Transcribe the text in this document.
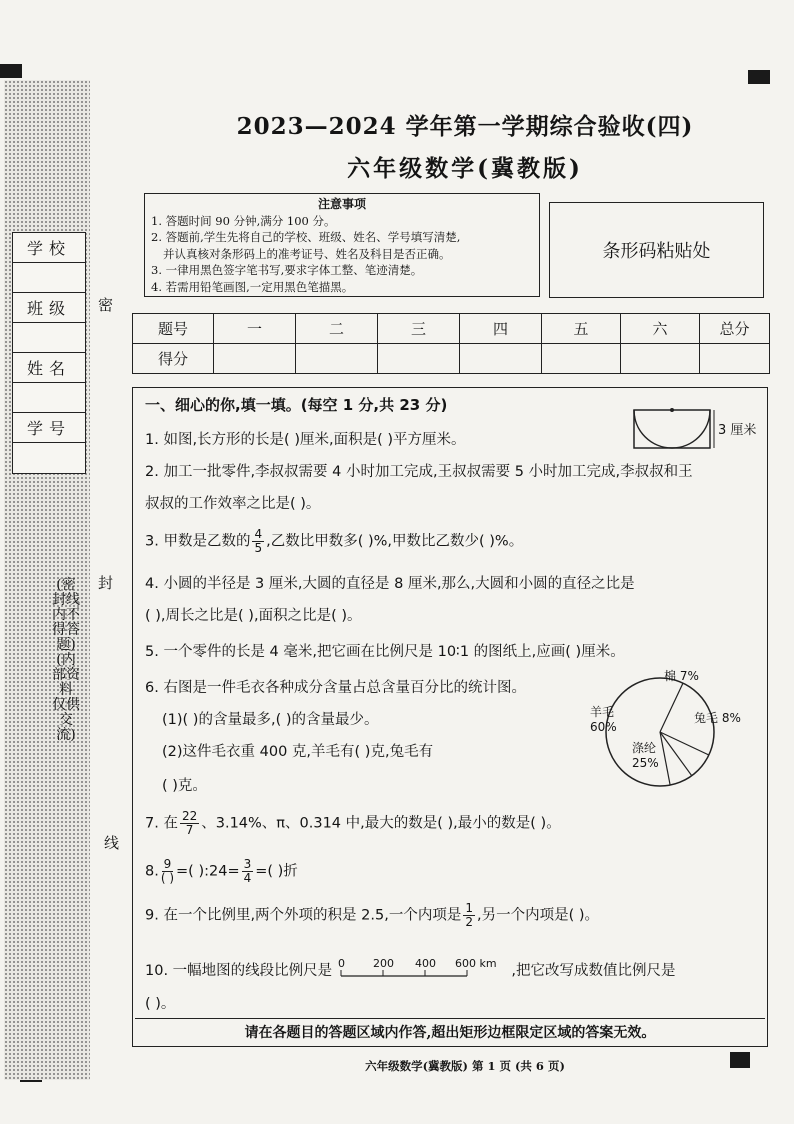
学校
班级
姓名
学号
(密封线内不得答题) (内部资料 仅供交流)
密
封
线
2023—2024 学年第一学期综合验收(四)
六年级数学(冀教版)
注意事项
1. 答题时间 90 分钟,满分 100 分。
2. 答题前,学生先将自己的学校、班级、姓名、学号填写清楚,
并认真核对条形码上的准考证号、姓名及科目是否正确。
3. 一律用黑色签字笔书写,要求字体工整、笔迹清楚。
4. 若需用铅笔画图,一定用黑色笔描黑。
条形码粘贴处
题号	一	二	三	四	五	六	总分
得分							
一、细心的你,填一填。(每空 1 分,共 23 分)
1. 如图,长方形的长是( )厘米,面积是( )平方厘米。
3 厘米
2. 加工一批零件,李叔叔需要 4 小时加工完成,王叔叔需要 5 小时加工完成,李叔叔和王
叔叔的工作效率之比是( )。
3. 甲数是乙数的 $\frac{4}{5}$ ,乙数比甲数多( )%,甲数比乙数少( )%。
4. 小圆的半径是 3 厘米,大圆的直径是 8 厘米,那么,大圆和小圆的直径之比是
( ),周长之比是( ),面积之比是( )。
5. 一个零件的长是 4 毫米,把它画在比例尺是 10∶1 的图纸上,应画( )厘米。
6. 右图是一件毛衣各种成分含量占总含量百分比的统计图。
(1)( )的含量最多,( )的含量最少。
(2)这件毛衣重 400 克,羊毛有( )克,兔毛有
( )克。
羊毛 60%
涤纶 25%
兔毛 8%
棉 7%
7. 在 $\frac{22}{7}$ 、3.14%、π、0.314 中,最大的数是( ),最小的数是( )。
8. $\frac{9}{( )}$ =( ):24= $\frac{3}{4}$ =( )折
9. 在一个比例里,两个外项的积是 2.5,一个内项是 $\frac{1}{2}$ ,另一个内项是( )。
10. 一幅地图的线段比例尺是 0	200 400 600 km ,把它改写成数值比例尺是
( )。
请在各题目的答题区域内作答,超出矩形边框限定区域的答案无效。
六年级数学(冀教版) 第 1 页 (共 6 页)
